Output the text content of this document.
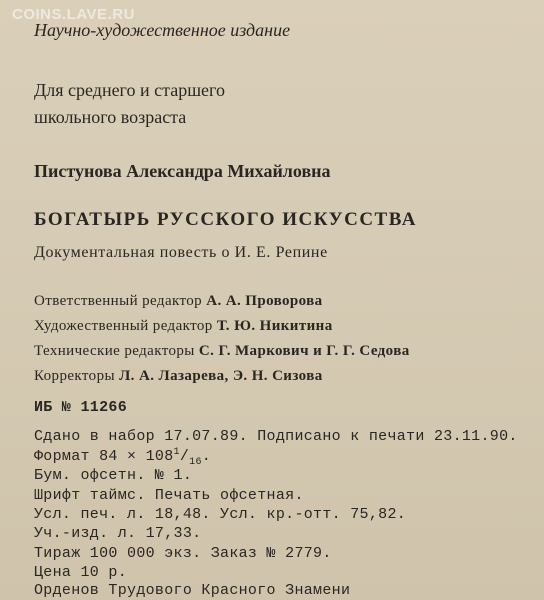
COINS.LAVE.RU
Научно-художественное издание
Для среднего и старшего
школьного возраста
Пистунова Александра Михайловна
БОГАТЫРЬ РУССКОГО ИСКУССТВА
Документальная повесть о И. Е. Репине
Ответственный редактор А. А. Проворова
Художественный редактор Т. Ю. Никитина
Технические редакторы С. Г. Маркович и Г. Г. Седова
Корректоры Л. А. Лазарева, Э. Н. Сизова
ИБ № 11266
Сдано в набор 17.07.89. Подписано к печати 23.11.90.
Формат $84 \times 108^1/_{16}$.
Бум. офсетн. № 1.
Шрифт таймс. Печать офсетная.
Усл. печ. л. 18,48. Усл. кр.-отт. 75,82.
Уч.-изд. л. 17,33.
Тираж 100 000 экз. Заказ № 2779.
Цена 10 р.
Орденов Трудового Красного Знамени
